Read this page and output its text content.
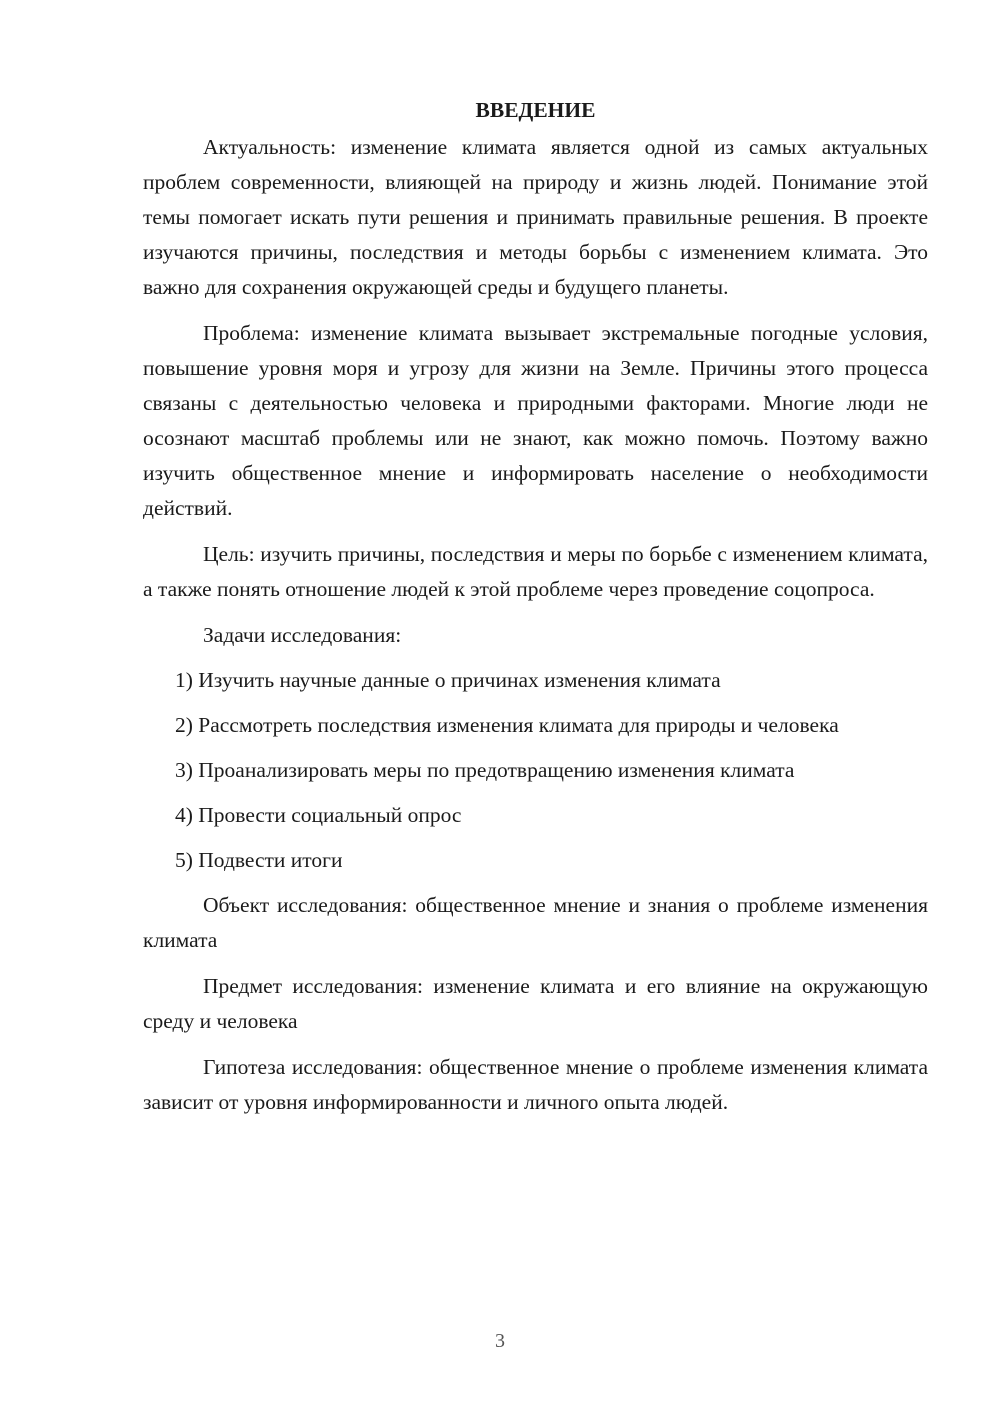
ВВЕДЕНИЕ

Актуальность: изменение климата является одной из самых актуальных проблем современности, влияющей на природу и жизнь людей. Понимание этой темы помогает искать пути решения и принимать правильные решения. В проекте изучаются причины, последствия и методы борьбы с изменением климата. Это важно для сохранения окружающей среды и будущего планеты.

Проблема: изменение климата вызывает экстремальные погодные условия, повышение уровня моря и угрозу для жизни на Земле. Причины этого процесса связаны с деятельностью человека и природными факторами. Многие люди не осознают масштаб проблемы или не знают, как можно помочь. Поэтому важно изучить общественное мнение и информировать население о необходимости действий.

Цель: изучить причины, последствия и меры по борьбе с изменением климата, а также понять отношение людей к этой проблеме через проведение соцопроса.

Задачи исследования:

1) Изучить научные данные о причинах изменения климата

2) Рассмотреть последствия изменения климата для природы и человека

3) Проанализировать меры по предотвращению изменения климата

4) Провести социальный опрос

5) Подвести итоги

Объект исследования: общественное мнение и знания о проблеме изменения климата

Предмет исследования: изменение климата и его влияние на окружающую среду и человека

Гипотеза исследования: общественное мнение о проблеме изменения климата зависит от уровня информированности и личного опыта людей.

3
